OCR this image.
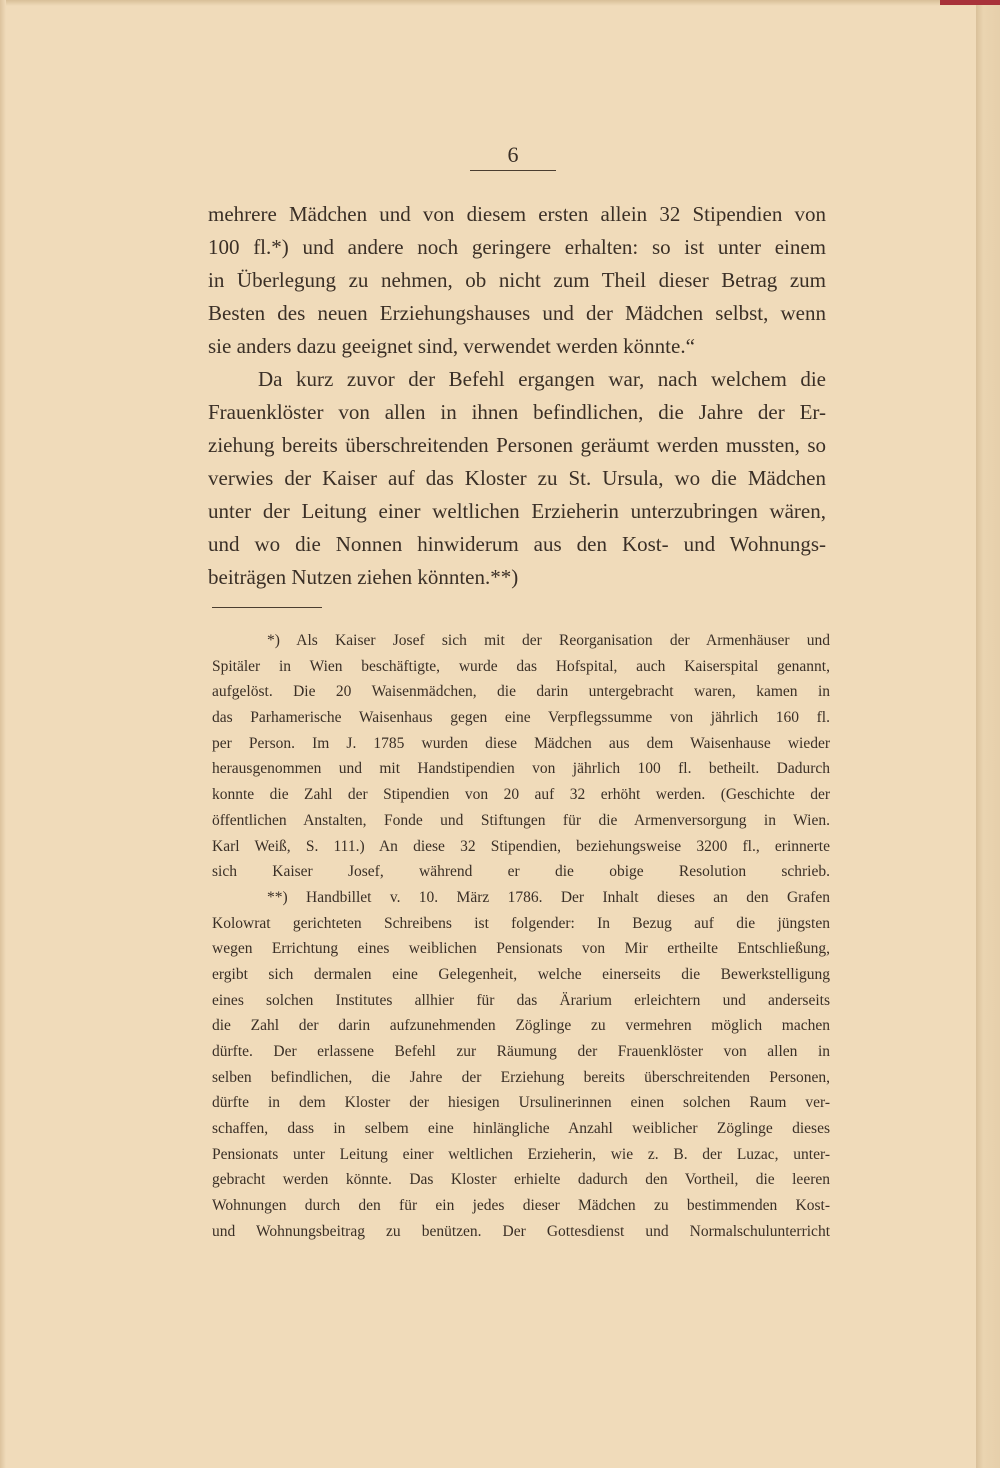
6
mehrere Mädchen und von diesem ersten allein 32 Stipendien von
100 fl.*) und andere noch geringere erhalten: so ist unter einem
in Überlegung zu nehmen, ob nicht zum Theil dieser Betrag zum
Besten des neuen Erziehungshauses und der Mädchen selbst, wenn
sie anders dazu geeignet sind, verwendet werden könnte.“
Da kurz zuvor der Befehl ergangen war, nach welchem die
Frauenklöster von allen in ihnen befindlichen, die Jahre der Er-
ziehung bereits überschreitenden Personen geräumt werden mussten, so
verwies der Kaiser auf das Kloster zu St. Ursula, wo die Mädchen
unter der Leitung einer weltlichen Erzieherin unterzubringen wären,
und wo die Nonnen hinwiderum aus den Kost- und Wohnungs-
beiträgen Nutzen ziehen könnten.**)
*) Als Kaiser Josef sich mit der Reorganisation der Armenhäuser und
Spitäler in Wien beschäftigte, wurde das Hofspital, auch Kaiserspital genannt,
aufgelöst. Die 20 Waisenmädchen, die darin untergebracht waren, kamen in
das Parhamerische Waisenhaus gegen eine Verpflegssumme von jährlich 160 fl.
per Person. Im J. 1785 wurden diese Mädchen aus dem Waisenhause wieder
herausgenommen und mit Handstipendien von jährlich 100 fl. betheilt. Dadurch
konnte die Zahl der Stipendien von 20 auf 32 erhöht werden. (Geschichte der
öffentlichen Anstalten, Fonde und Stiftungen für die Armenversorgung in Wien.
Karl Weiß, S. 111.) An diese 32 Stipendien, beziehungsweise 3200 fl., erinnerte
sich Kaiser Josef, während er die obige Resolution schrieb.
**) Handbillet v. 10. März 1786. Der Inhalt dieses an den Grafen
Kolowrat gerichteten Schreibens ist folgender: In Bezug auf die jüngsten
wegen Errichtung eines weiblichen Pensionats von Mir ertheilte Entschließung,
ergibt sich dermalen eine Gelegenheit, welche einerseits die Bewerkstelligung
eines solchen Institutes allhier für das Ärarium erleichtern und anderseits
die Zahl der darin aufzunehmenden Zöglinge zu vermehren möglich machen
dürfte. Der erlassene Befehl zur Räumung der Frauenklöster von allen in
selben befindlichen, die Jahre der Erziehung bereits überschreitenden Personen,
dürfte in dem Kloster der hiesigen Ursulinerinnen einen solchen Raum ver-
schaffen, dass in selbem eine hinlängliche Anzahl weiblicher Zöglinge dieses
Pensionats unter Leitung einer weltlichen Erzieherin, wie z. B. der Luzac, unter-
gebracht werden könnte. Das Kloster erhielte dadurch den Vortheil, die leeren
Wohnungen durch den für ein jedes dieser Mädchen zu bestimmenden Kost-
und Wohnungsbeitrag zu benützen. Der Gottesdienst und Normalschulunterricht
